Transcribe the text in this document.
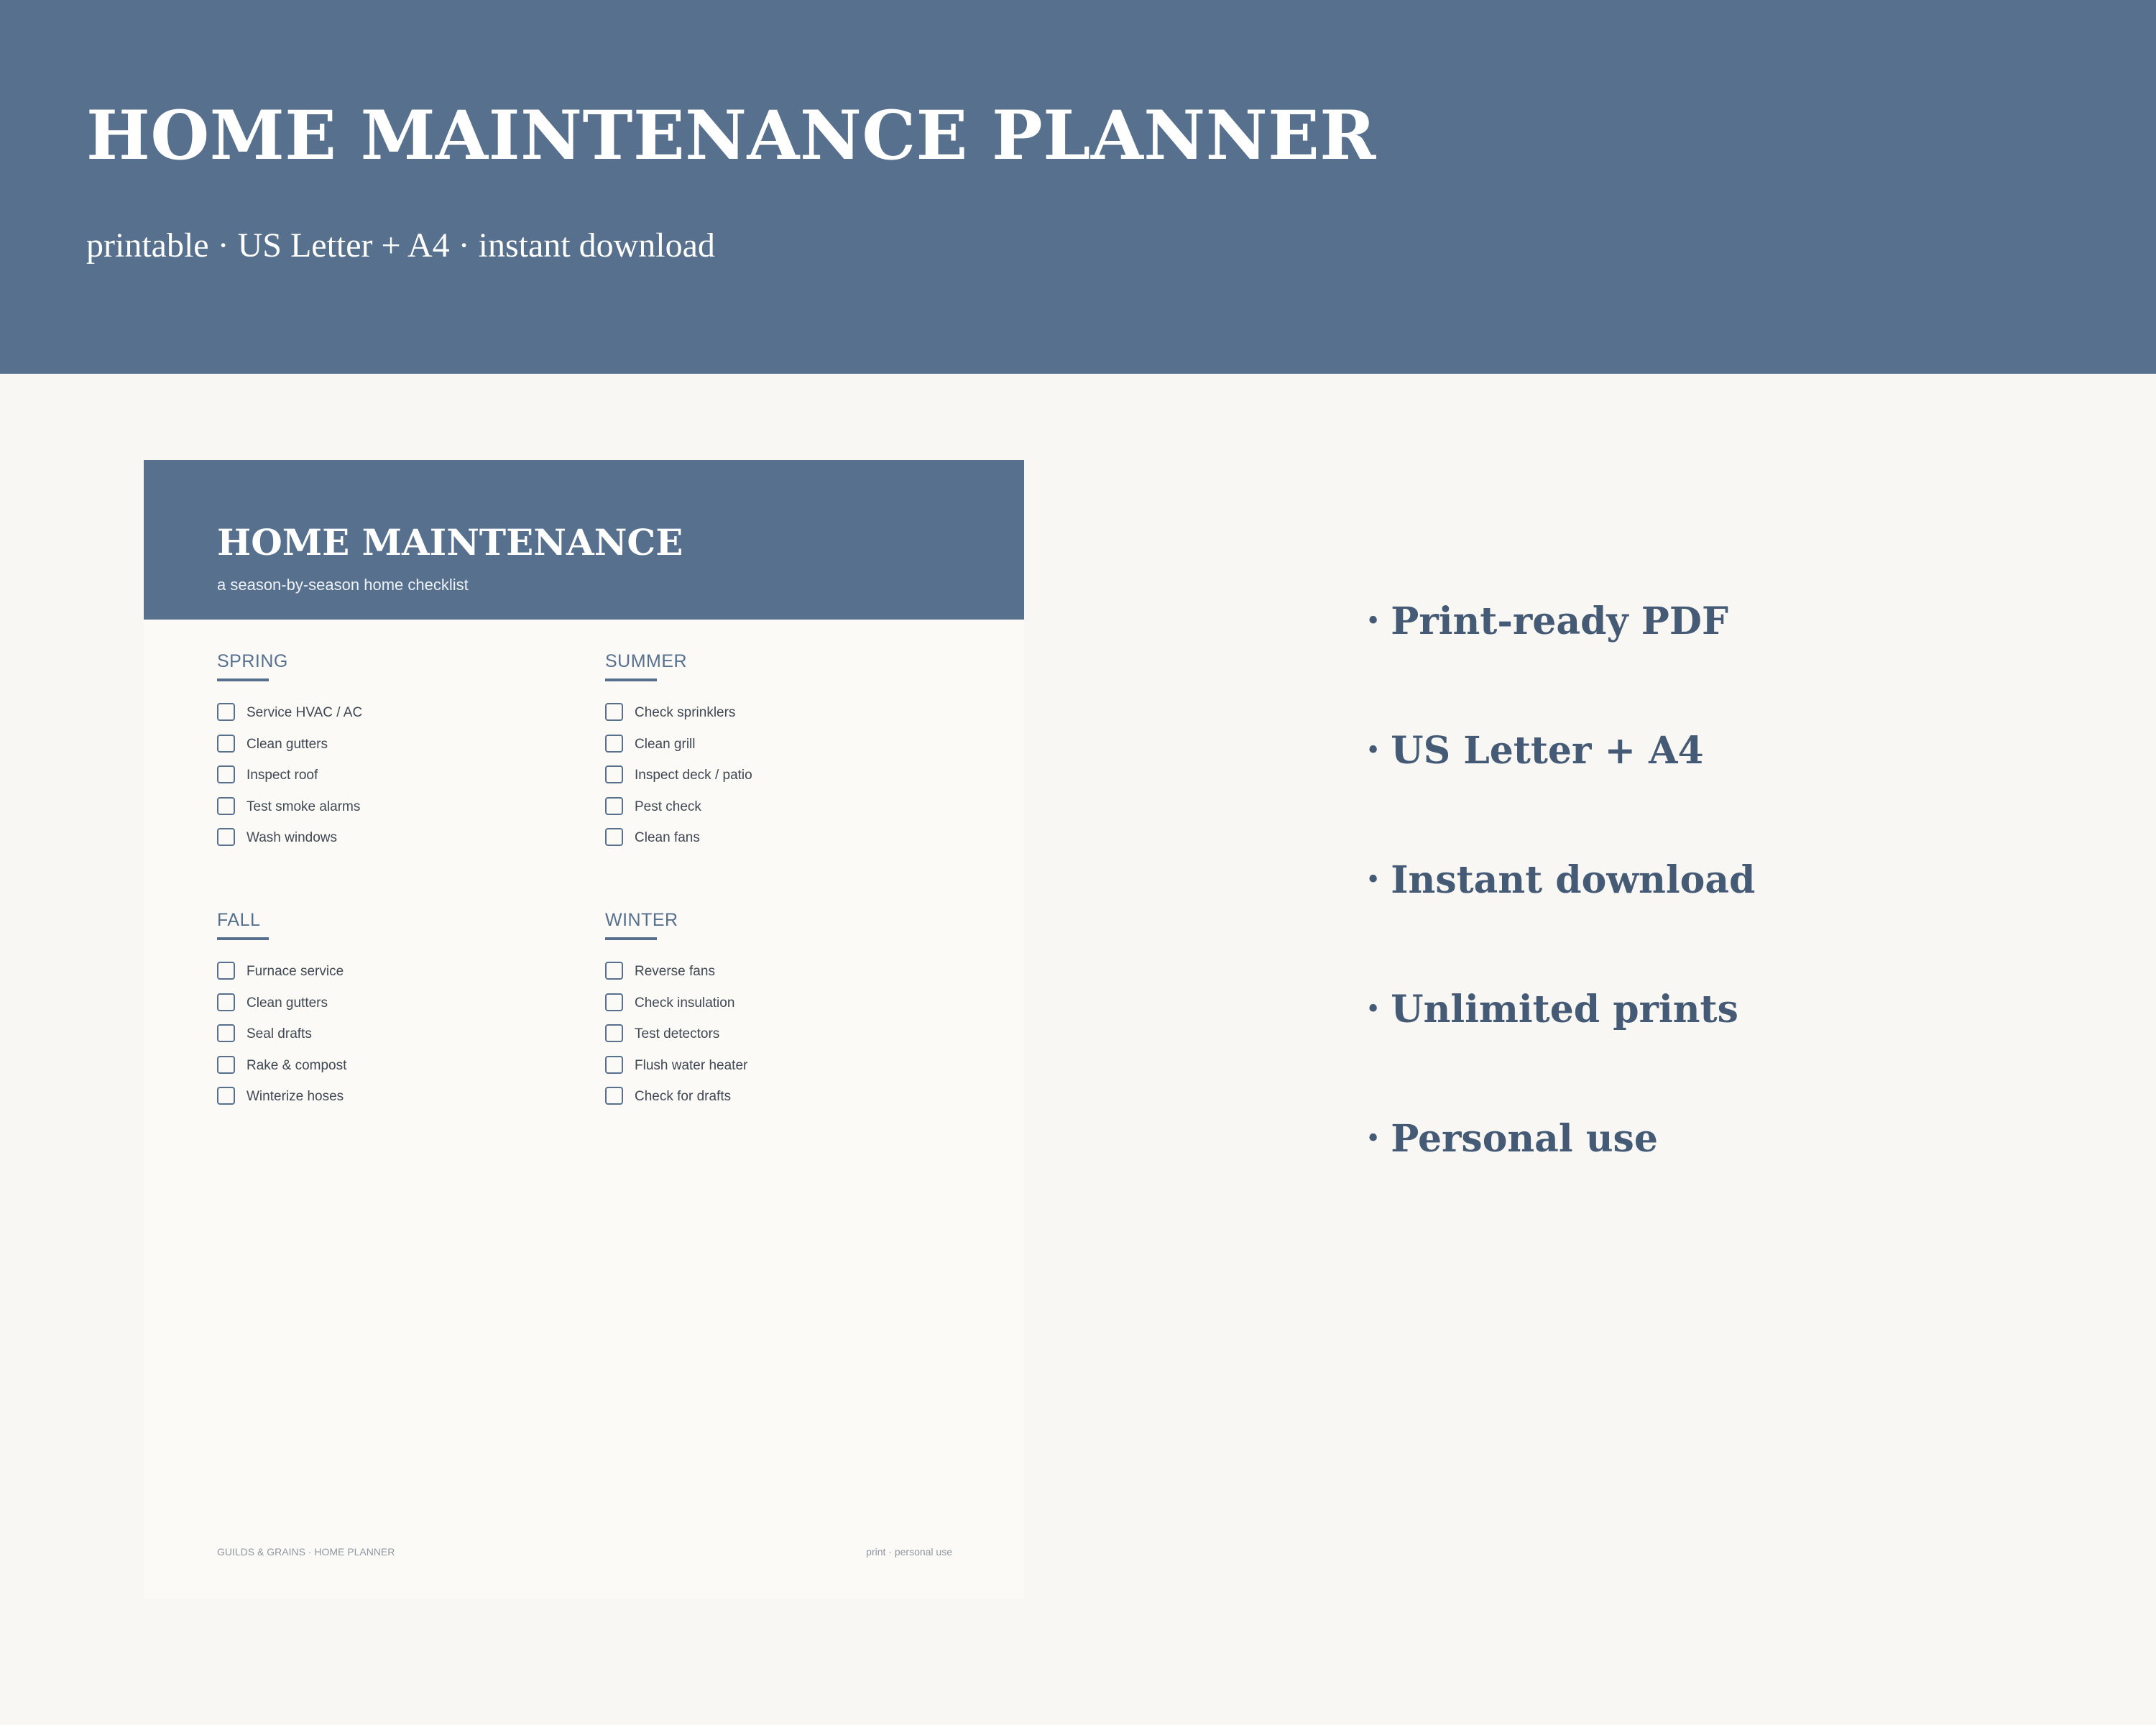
HOME MAINTENANCE PLANNER

printable · US Letter + A4 · instant download

HOME MAINTENANCE

a season-by-season home checklist

SPRING
Service HVAC / AC
Clean gutters
Inspect roof
Test smoke alarms
Wash windows
SUMMER
Check sprinklers
Clean grill
Inspect deck / patio
Pest check
Clean fans
FALL
Furnace service
Clean gutters
Seal drafts
Rake & compost
Winterize hoses
WINTER
Reverse fans
Check insulation
Test detectors
Flush water heater
Check for drafts
GUILDS & GRAINS · HOME PLANNER	print · personal use
• Print-ready PDF
• US Letter + A4
• Instant download
• Unlimited prints
• Personal use
